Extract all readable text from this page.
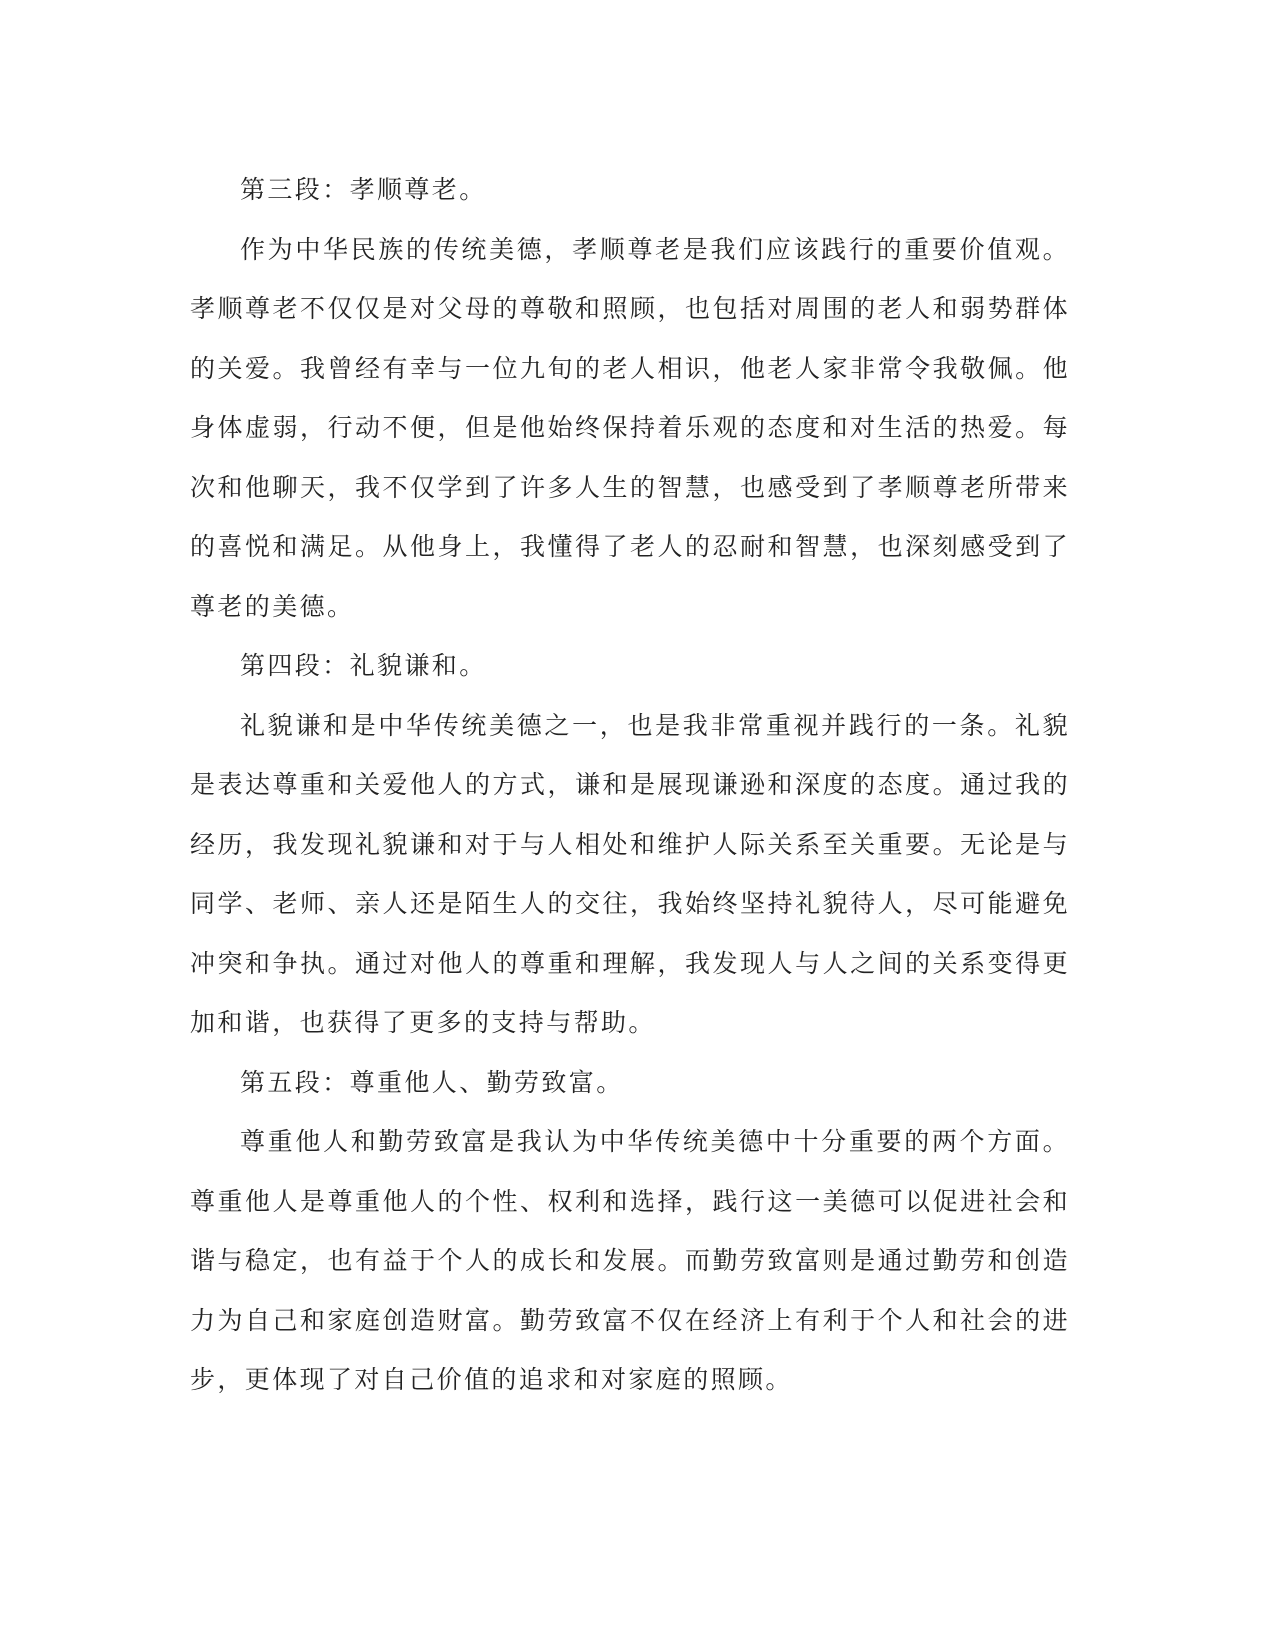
第三段：孝顺尊老。

作为中华民族的传统美德，孝顺尊老是我们应该践行的重要价值观。孝顺尊老不仅仅是对父母的尊敬和照顾，也包括对周围的老人和弱势群体的关爱。我曾经有幸与一位九旬的老人相识，他老人家非常令我敬佩。他身体虚弱，行动不便，但是他始终保持着乐观的态度和对生活的热爱。每次和他聊天，我不仅学到了许多人生的智慧，也感受到了孝顺尊老所带来的喜悦和满足。从他身上，我懂得了老人的忍耐和智慧，也深刻感受到了尊老的美德。

第四段：礼貌谦和。

礼貌谦和是中华传统美德之一，也是我非常重视并践行的一条。礼貌是表达尊重和关爱他人的方式，谦和是展现谦逊和深度的态度。通过我的经历，我发现礼貌谦和对于与人相处和维护人际关系至关重要。无论是与同学、老师、亲人还是陌生人的交往，我始终坚持礼貌待人，尽可能避免冲突和争执。通过对他人的尊重和理解，我发现人与人之间的关系变得更加和谐，也获得了更多的支持与帮助。

第五段：尊重他人、勤劳致富。

尊重他人和勤劳致富是我认为中华传统美德中十分重要的两个方面。尊重他人是尊重他人的个性、权利和选择，践行这一美德可以促进社会和谐与稳定，也有益于个人的成长和发展。而勤劳致富则是通过勤劳和创造力为自己和家庭创造财富。勤劳致富不仅在经济上有利于个人和社会的进步，更体现了对自己价值的追求和对家庭的照顾。
